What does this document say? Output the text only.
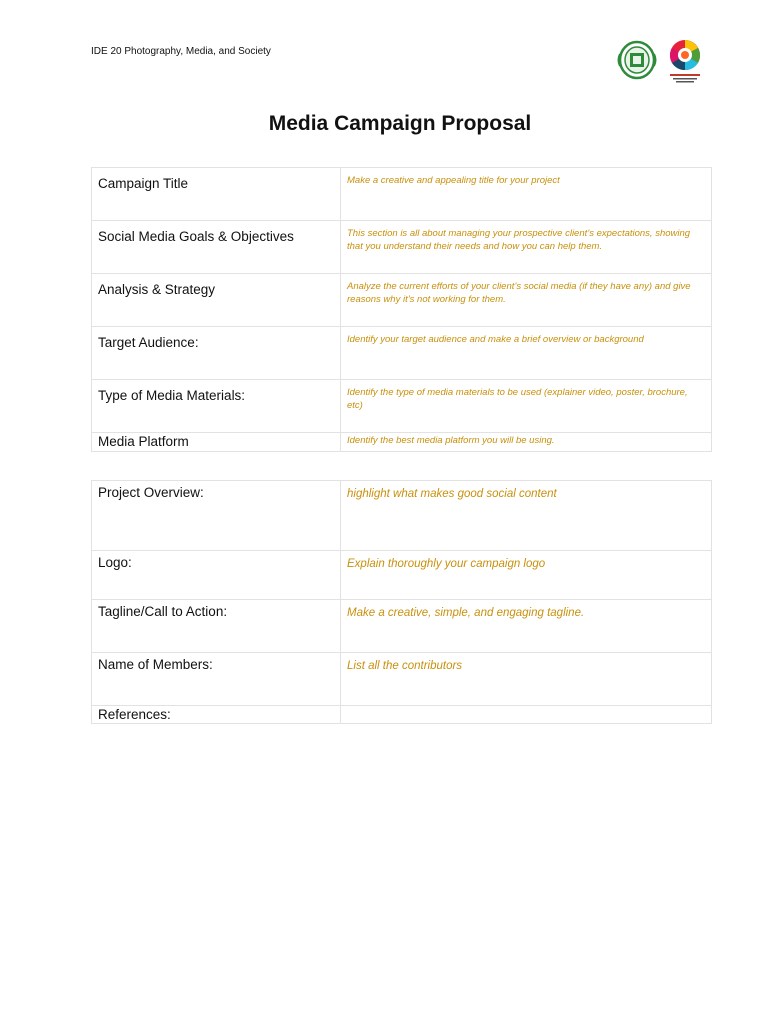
IDE 20 Photography, Media, and Society
Media Campaign Proposal
Campaign Title	Make a creative and appealing title for your project
Social Media Goals & Objectives	This section is all about managing your prospective client’s expectations, showing that you understand their needs and how you can help them.
Analysis & Strategy	Analyze the current efforts of your client’s social media (if they have any) and give reasons why it’s not working for them.
Target Audience:	Identify your target audience and make a brief overview or background
Type of Media Materials:	Identify the type of media materials to be used (explainer video, poster, brochure, etc)
Media Platform	Identify the best media platform you will be using.
Project Overview:	highlight what makes good social content
Logo:	Explain thoroughly your campaign logo
Tagline/Call to Action:	Make a creative, simple, and engaging tagline.
Name of Members:	List all the contributors
References:	
